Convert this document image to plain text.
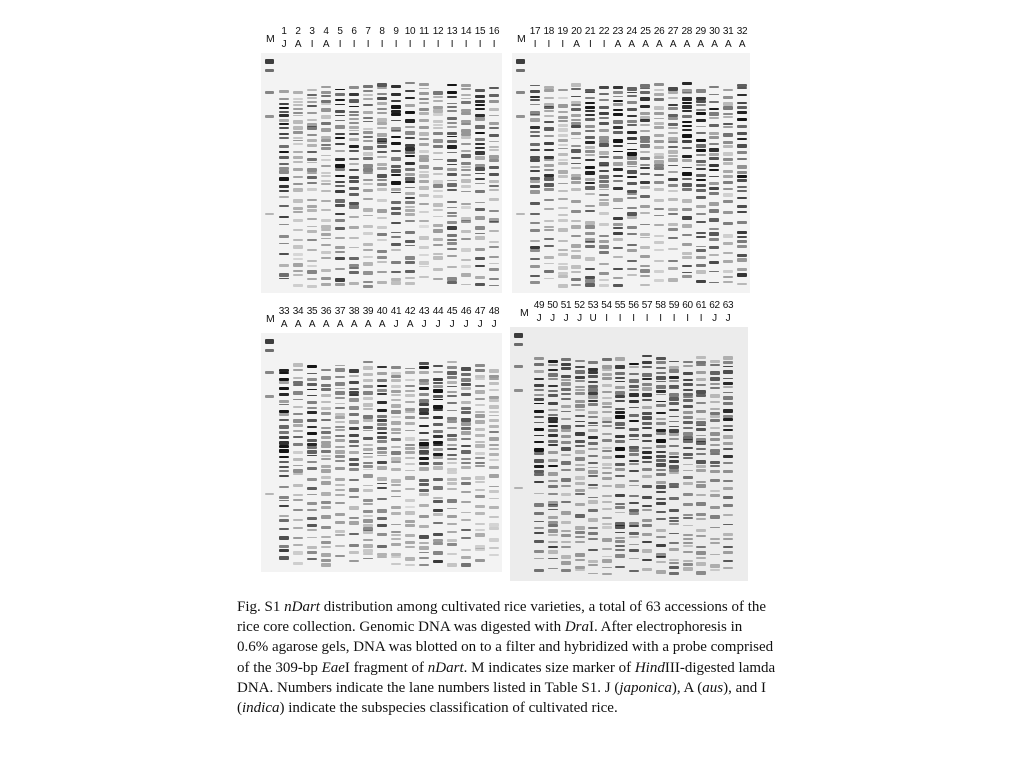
Fig. S1 nDart distribution among cultivated rice varieties, a total of 63 accessions of the rice core collection. Genomic DNA was digested with DraI. After electrophoresis in 0.6% agarose gels, DNA was blotted on to a filter and hybridized with a probe comprised of the 309-bp EaeI fragment of nDart. M indicates size marker of HindIII-digested lamda DNA. Numbers indicate the lane numbers listed in Table S1. J (japonica), A (aus), and I (indica) indicate the subspecies classification of cultivated rice.
M
1
J
2
A
3
I
4
A
5
I
6
I
7
I
8
I
9
I
10
I
11
I
12
I
13
I
14
I
15
I
16
I	M
17
I
18
I
19
I
20
A
21
I
22
I
23
A
24
A
25
A
26
A
27
A
28
A
29
A
30
A
31
A
32
A
M
33
A
34
A
35
A
36
A
37
A
38
A
39
A
40
A
41
J
42
A
43
J
44
J
45
J
46
J
47
J
48
J
M
49
J
50
J
51
J
52
J
53
U
54
I
55
I
56
I
57
I
58
I
59
I
60
I
61
I
62
J
63
J
